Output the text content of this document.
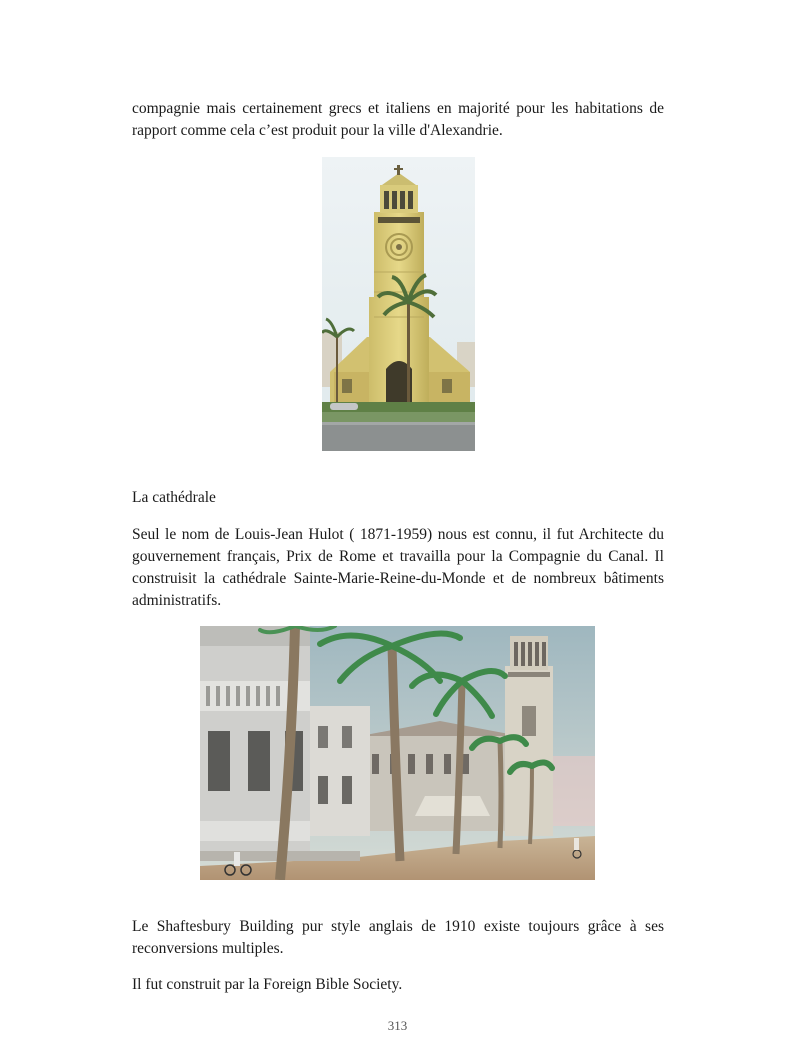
compagnie mais certainement grecs et italiens en majorité pour les habitations de rapport comme cela c’est produit pour la ville d'Alexandrie.

La cathédrale

Seul le nom de Louis-Jean Hulot ( 1871-1959) nous est connu, il fut Architecte du gouvernement français, Prix de Rome et travailla pour la Compagnie du Canal. Il construisit la cathédrale Sainte-Marie-Reine-du-Monde et de nombreux bâtiments administratifs.

Le Shaftesbury Building pur style anglais de 1910 existe toujours grâce à ses reconversions multiples.

Il fut construit par la Foreign Bible Society.

313
